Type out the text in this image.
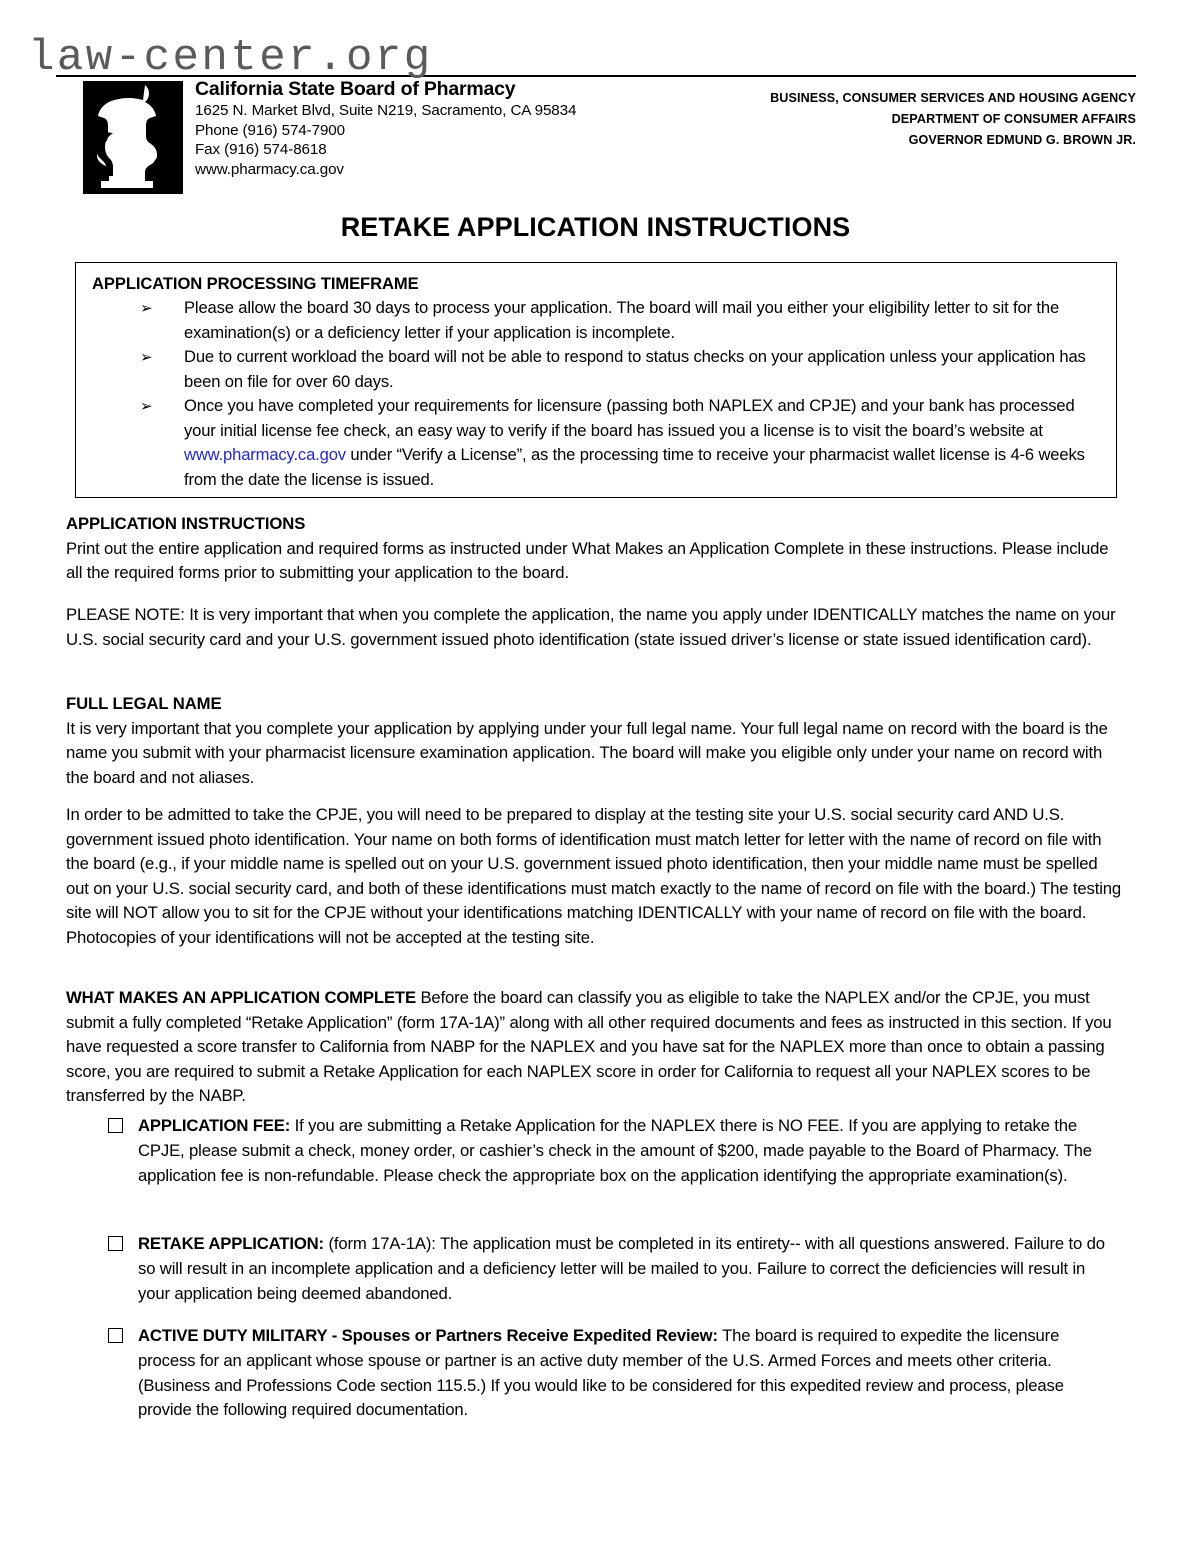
law-center.org
California State Board of Pharmacy
1625 N. Market Blvd, Suite N219, Sacramento, CA 95834
Phone (916) 574-7900
Fax (916) 574-8618
www.pharmacy.ca.gov
BUSINESS, CONSUMER SERVICES AND HOUSING AGENCY
DEPARTMENT OF CONSUMER AFFAIRS
GOVERNOR EDMUND G. BROWN JR.
RETAKE APPLICATION INSTRUCTIONS
APPLICATION PROCESSING TIMEFRAME
➢ Please allow the board 30 days to process your application. The board will mail you either your eligibility letter to sit for the examination(s) or a deficiency letter if your application is incomplete.
➢ Due to current workload the board will not be able to respond to status checks on your application unless your application has been on file for over 60 days.
➢ Once you have completed your requirements for licensure (passing both NAPLEX and CPJE) and your bank has processed your initial license fee check, an easy way to verify if the board has issued you a license is to visit the board’s website at www.pharmacy.ca.gov under “Verify a License”, as the processing time to receive your pharmacist wallet license is 4-6 weeks from the date the license is issued.
APPLICATION INSTRUCTIONS
Print out the entire application and required forms as instructed under What Makes an Application Complete in these instructions. Please include all the required forms prior to submitting your application to the board.
PLEASE NOTE: It is very important that when you complete the application, the name you apply under IDENTICALLY matches the name on your U.S. social security card and your U.S. government issued photo identification (state issued driver’s license or state issued identification card).
FULL LEGAL NAME
It is very important that you complete your application by applying under your full legal name. Your full legal name on record with the board is the name you submit with your pharmacist licensure examination application. The board will make you eligible only under your name on record with the board and not aliases.
In order to be admitted to take the CPJE, you will need to be prepared to display at the testing site your U.S. social security card AND U.S. government issued photo identification. Your name on both forms of identification must match letter for letter with the name of record on file with the board (e.g., if your middle name is spelled out on your U.S. government issued photo identification, then your middle name must be spelled out on your U.S. social security card, and both of these identifications must match exactly to the name of record on file with the board.) The testing site will NOT allow you to sit for the CPJE without your identifications matching IDENTICALLY with your name of record on file with the board. Photocopies of your identifications will not be accepted at the testing site.

WHAT MAKES AN APPLICATION COMPLETE Before the board can classify you as eligible to take the NAPLEX and/or the CPJE, you must submit a fully completed “Retake Application” (form 17A-1A)” along with all other required documents and fees as instructed in this section. If you have requested a score transfer to California from NABP for the NAPLEX and you have sat for the NAPLEX more than once to obtain a passing score, you are required to submit a Retake Application for each NAPLEX score in order for California to request all your NAPLEX scores to be transferred by the NABP.

APPLICATION FEE: If you are submitting a Retake Application for the NAPLEX there is NO FEE. If you are applying to retake the CPJE, please submit a check, money order, or cashier’s check in the amount of $200, made payable to the Board of Pharmacy. The application fee is non-refundable. Please check the appropriate box on the application identifying the appropriate examination(s).
RETAKE APPLICATION: (form 17A-1A): The application must be completed in its entirety-- with all questions answered. Failure to do so will result in an incomplete application and a deficiency letter will be mailed to you. Failure to correct the deficiencies will result in your application being deemed abandoned.
ACTIVE DUTY MILITARY - Spouses or Partners Receive Expedited Review: The board is required to expedite the licensure process for an applicant whose spouse or partner is an active duty member of the U.S. Armed Forces and meets other criteria. (Business and Professions Code section 115.5.) If you would like to be considered for this expedited review and process, please provide the following required documentation.
